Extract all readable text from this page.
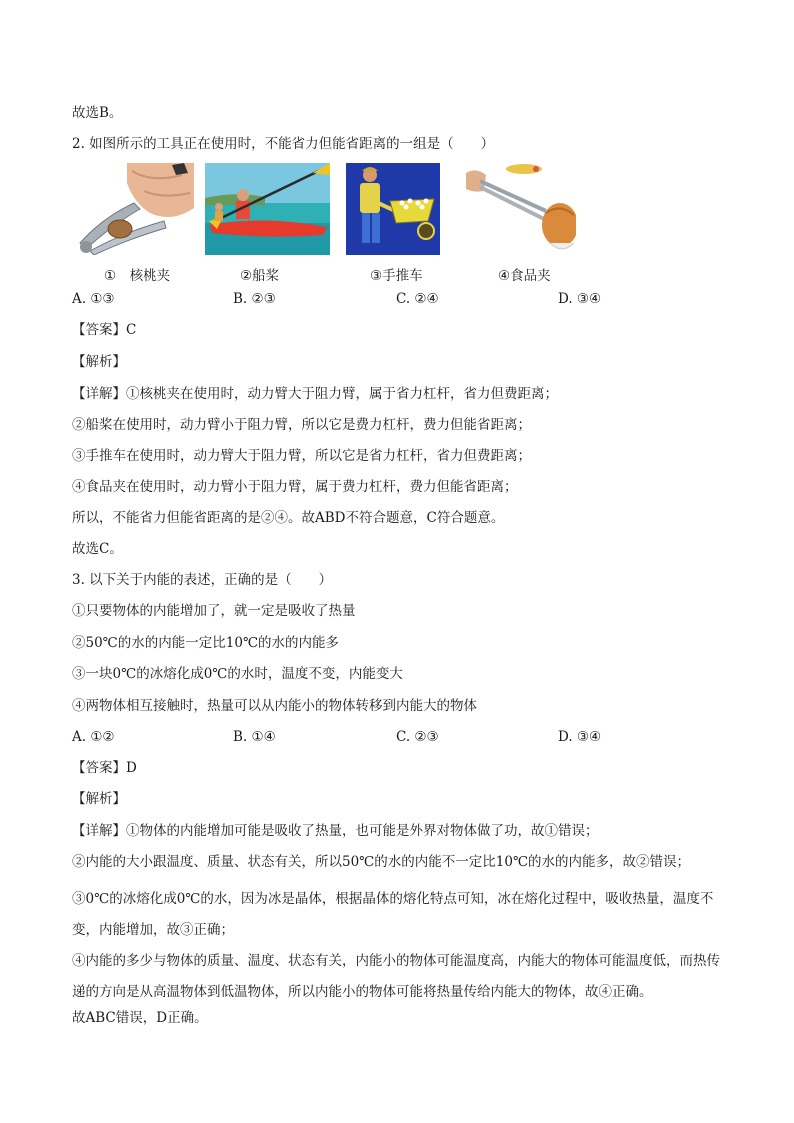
故选B。
2. 如图所示的工具正在使用时，不能省力但能省距离的一组是（　　）
①　核桃夹	②船桨	③手推车	④食品夹
A. ①③	B. ②③	C. ②④	D. ③④
【答案】C
【解析】
【详解】①核桃夹在使用时，动力臂大于阻力臂，属于省力杠杆，省力但费距离；
②船桨在使用时，动力臂小于阻力臂，所以它是费力杠杆，费力但能省距离；
③手推车在使用时，动力臂大于阻力臂，所以它是省力杠杆，省力但费距离；
④食品夹在使用时，动力臂小于阻力臂，属于费力杠杆，费力但能省距离；
所以，不能省力但能省距离的是②④。故ABD不符合题意，C符合题意。
故选C。
3. 以下关于内能的表述，正确的是（　　）
①只要物体的内能增加了，就一定是吸收了热量
②50℃的水的内能一定比10℃的水的内能多
③一块0℃的冰熔化成0℃的水时，温度不变，内能变大
④两物体相互接触时，热量可以从内能小的物体转移到内能大的物体
A. ①②	B. ①④	C. ②③	D. ③④
【答案】D
【解析】
【详解】①物体的内能增加可能是吸收了热量，也可能是外界对物体做了功，故①错误；
②内能的大小跟温度、质量、状态有关，所以50℃的水的内能不一定比10℃的水的内能多，故②错误；
③0℃的冰熔化成0℃的水，因为冰是晶体，根据晶体的熔化特点可知，冰在熔化过程中，吸收热量，温度不变，内能增加，故③正确；
④内能的多少与物体的质量、温度、状态有关，内能小的物体可能温度高，内能大的物体可能温度低，而热传递的方向是从高温物体到低温物体，所以内能小的物体可能将热量传给内能大的物体，故④正确。
故ABC错误，D正确。
